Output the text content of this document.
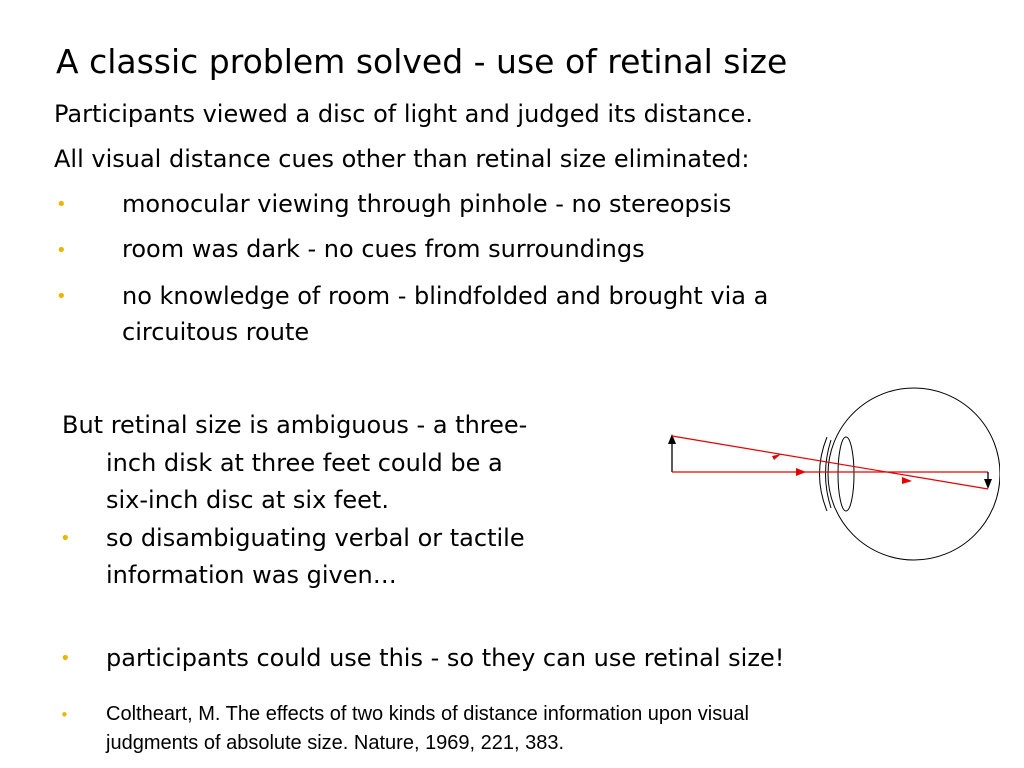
A classic problem solved - use of retinal size
Participants viewed a disc of light and judged its distance.
All visual distance cues other than retinal size eliminated:
• monocular viewing through pinhole - no stereopsis
• room was dark - no cues from surroundings
• no knowledge of room - blindfolded and brought via a
circuitous route
But retinal size is ambiguous - a three-
inch disk at three feet could be a
six-inch disc at six feet.
• so disambiguating verbal or tactile
information was given…
• participants could use this - so they can use retinal size!
• Coltheart, M. The effects of two kinds of distance information upon visual
judgments of absolute size. Nature, 1969, 221, 383.
